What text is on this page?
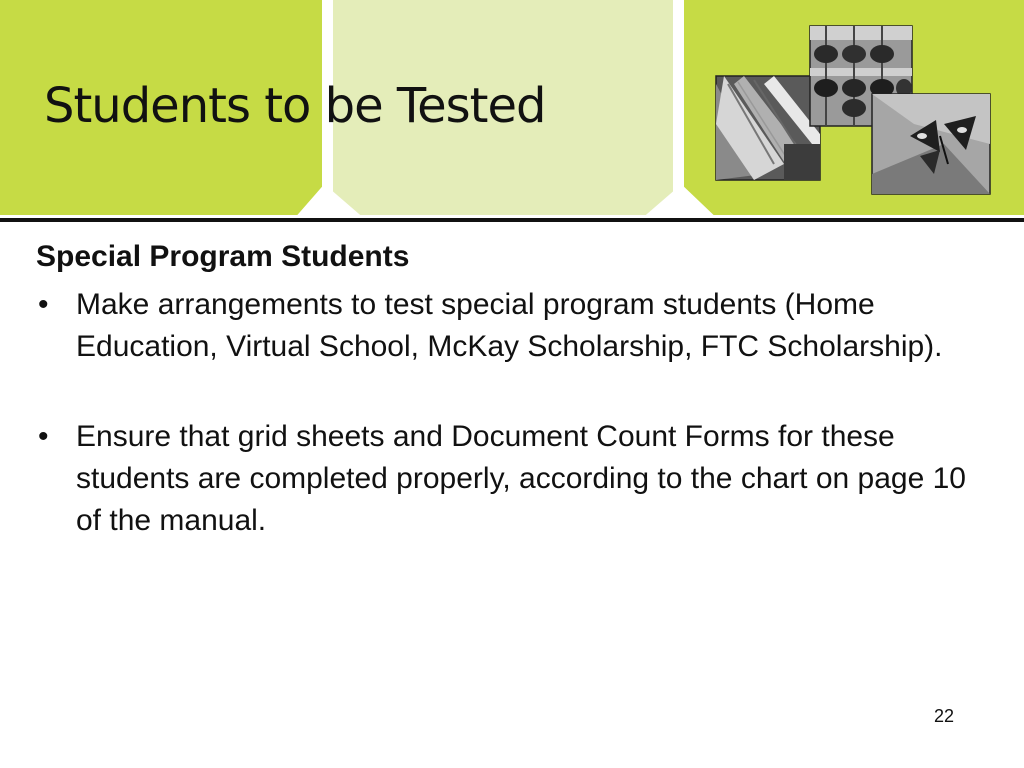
Students to be Tested

Special Program Students

• Make arrangements to test special program students (Home Education, Virtual School, McKay Scholarship, FTC Scholarship).
• Ensure that grid sheets and Document Count Forms for these students are completed properly, according to the chart on page 10 of the manual.
22
